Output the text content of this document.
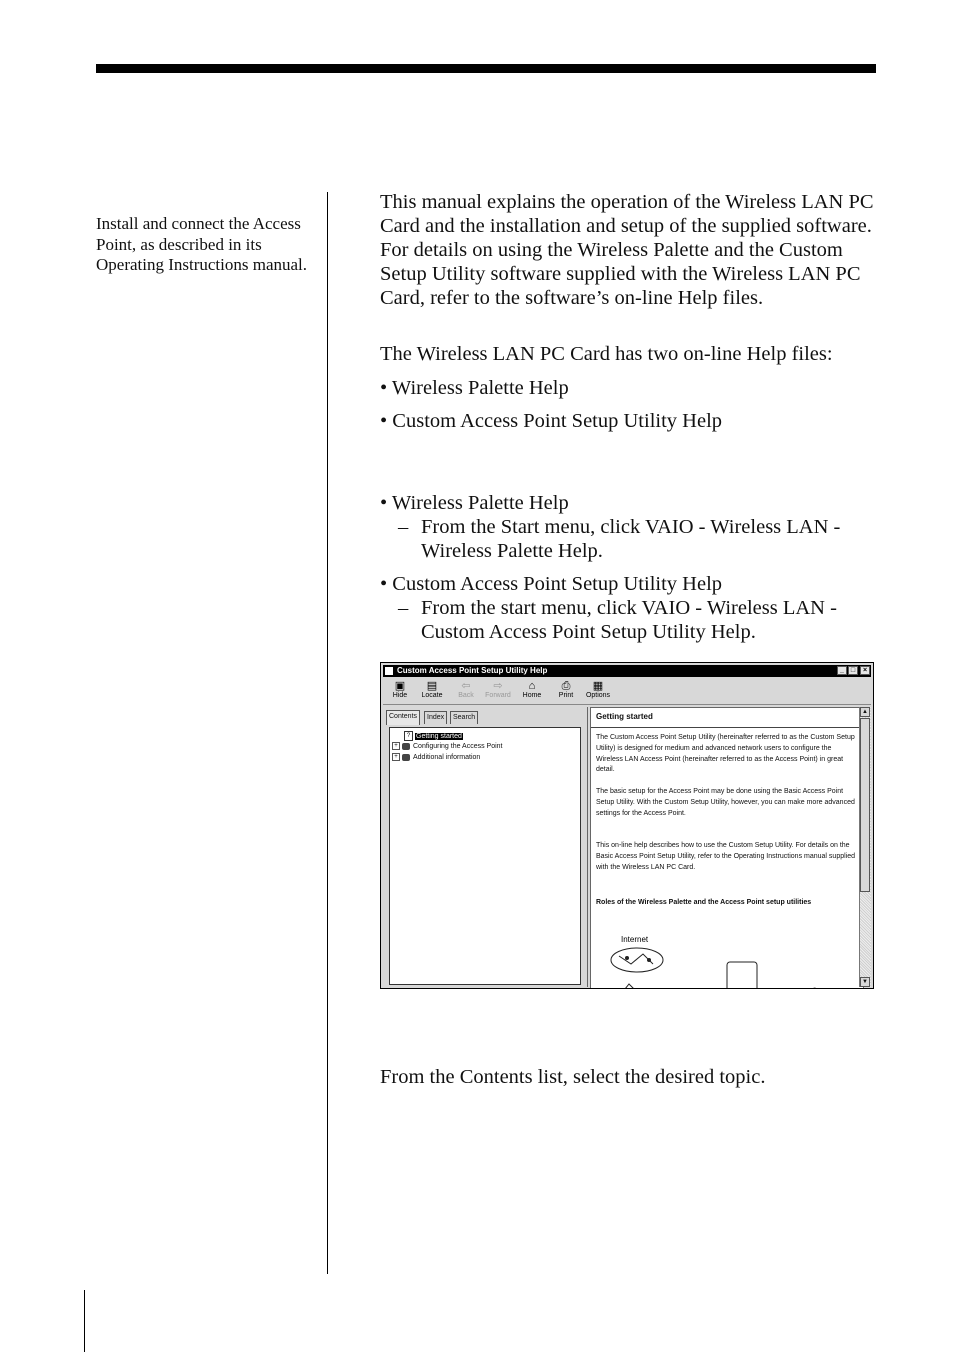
Install and connect the Access Point, as described in its Operating Instructions manual.
This manual explains the operation of the Wireless LAN PC Card and the installation and setup of the supplied software. For details on using the Wireless Palette and the Custom Setup Utility software supplied with the Wireless LAN PC Card, refer to the software’s on-line Help files.
The Wireless LAN PC Card has two on-line Help files:
• Wireless Palette Help
• Custom Access Point Setup Utility Help
• Wireless Palette Help
– From the Start menu, click VAIO - Wireless LAN - Wireless Palette Help.
• Custom Access Point Setup Utility Help
– From the start menu, click VAIO - Wireless LAN - Custom Access Point Setup Utility Help.
Custom Access Point Setup Utility Help	_ □	×
▣
Hide
▤
Locate
⇦
Back
⇨
Forward
⌂
Home
⎙
Print
▦
Options
Contents	Index	Search
? Getting started
+ Configuring the Access Point
+ Additional information
Getting started
The Custom Access Point Setup Utility (hereinafter referred to as the Custom Setup Utility) is designed for medium and advanced network users to configure the Wireless LAN Access Point (hereinafter referred to as the Access Point) in great detail.
The basic setup for the Access Point may be done using the Basic Access Point Setup Utility. With the Custom Setup Utility, however, you can make more advanced settings for the Access Point.
This on-line help describes how to use the Custom Setup Utility. For details on the Basic Access Point Setup Utility, refer to the Operating Instructions manual supplied with the Wireless LAN PC Card.
Roles of the Wireless Palette and the Access Point setup utilities
Internet
▲
▼
From the Contents list, select the desired topic.
